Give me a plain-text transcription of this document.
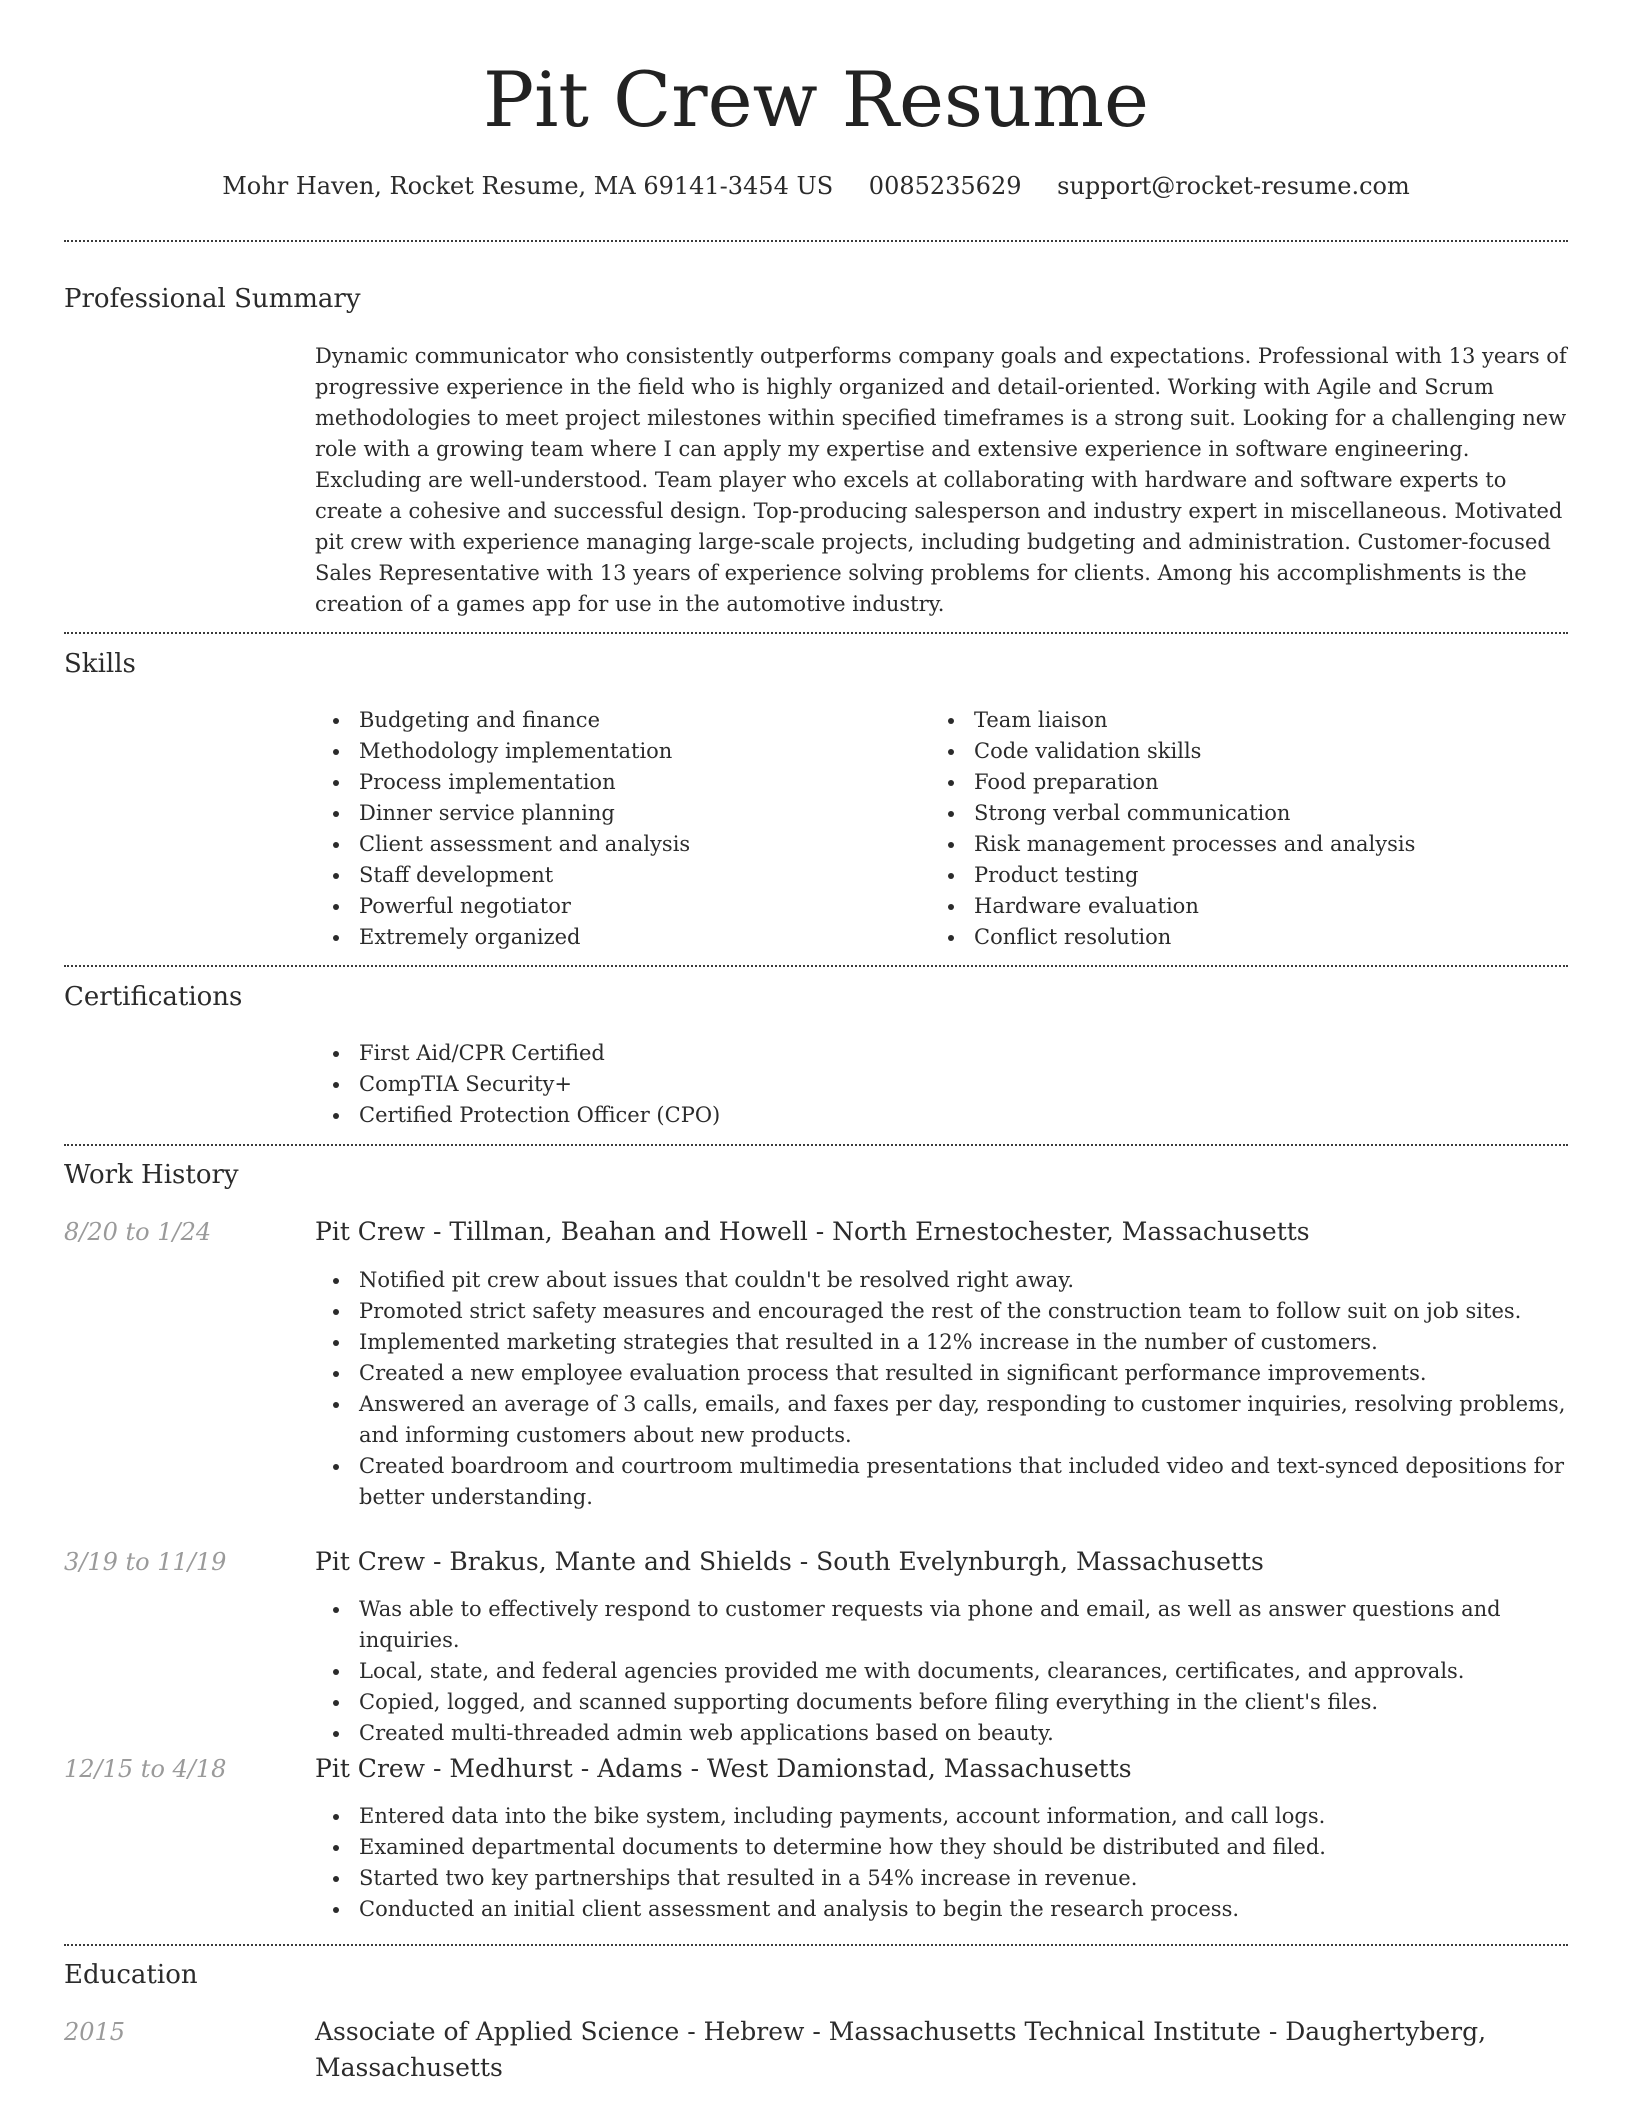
Pit Crew Resume
Mohr Haven, Rocket Resume, MA 69141-3454 US 0085235629 support@rocket-resume.com
Professional Summary

Dynamic communicator who consistently outperforms company goals and expectations. Professional with 13 years of progressive experience in the field who is highly organized and detail-oriented. Working with Agile and Scrum methodologies to meet project milestones within specified timeframes is a strong suit. Looking for a challenging new role with a growing team where I can apply my expertise and extensive experience in software engineering. Excluding are well-understood. Team player who excels at collaborating with hardware and software experts to create a cohesive and successful design. Top-producing salesperson and industry expert in miscellaneous. Motivated pit crew with experience managing large-scale projects, including budgeting and administration. Customer-focused Sales Representative with 13 years of experience solving problems for clients. Among his accomplishments is the creation of a games app for use in the automotive industry.

Skills
Budgeting and finance
Methodology implementation
Process implementation
Dinner service planning
Client assessment and analysis
Staff development
Powerful negotiator
Extremely organized
Team liaison
Code validation skills
Food preparation
Strong verbal communication
Risk management processes and analysis
Product testing
Hardware evaluation
Conflict resolution
Certifications
First Aid/CPR Certified
CompTIA Security+
Certified Protection Officer (CPO)
Work History
8/20 to 1/24	Pit Crew - Tillman, Beahan and Howell - North Ernestochester, Massachusetts
Notified pit crew about issues that couldn't be resolved right away.
Promoted strict safety measures and encouraged the rest of the construction team to follow suit on job sites.
Implemented marketing strategies that resulted in a 12% increase in the number of customers.
Created a new employee evaluation process that resulted in significant performance improvements.
Answered an average of 3 calls, emails, and faxes per day, responding to customer inquiries, resolving problems, and informing customers about new products.
Created boardroom and courtroom multimedia presentations that included video and text-synced depositions for better understanding.
3/19 to 11/19	Pit Crew - Brakus, Mante and Shields - South Evelynburgh, Massachusetts
Was able to effectively respond to customer requests via phone and email, as well as answer questions and inquiries.
Local, state, and federal agencies provided me with documents, clearances, certificates, and approvals.
Copied, logged, and scanned supporting documents before filing everything in the client's files.
Created multi-threaded admin web applications based on beauty.
12/15 to 4/18	Pit Crew - Medhurst - Adams - West Damionstad, Massachusetts
Entered data into the bike system, including payments, account information, and call logs.
Examined departmental documents to determine how they should be distributed and filed.
Started two key partnerships that resulted in a 54% increase in revenue.
Conducted an initial client assessment and analysis to begin the research process.
Education
2015	Associate of Applied Science - Hebrew - Massachusetts Technical Institute - Daughertyberg, Massachusetts
